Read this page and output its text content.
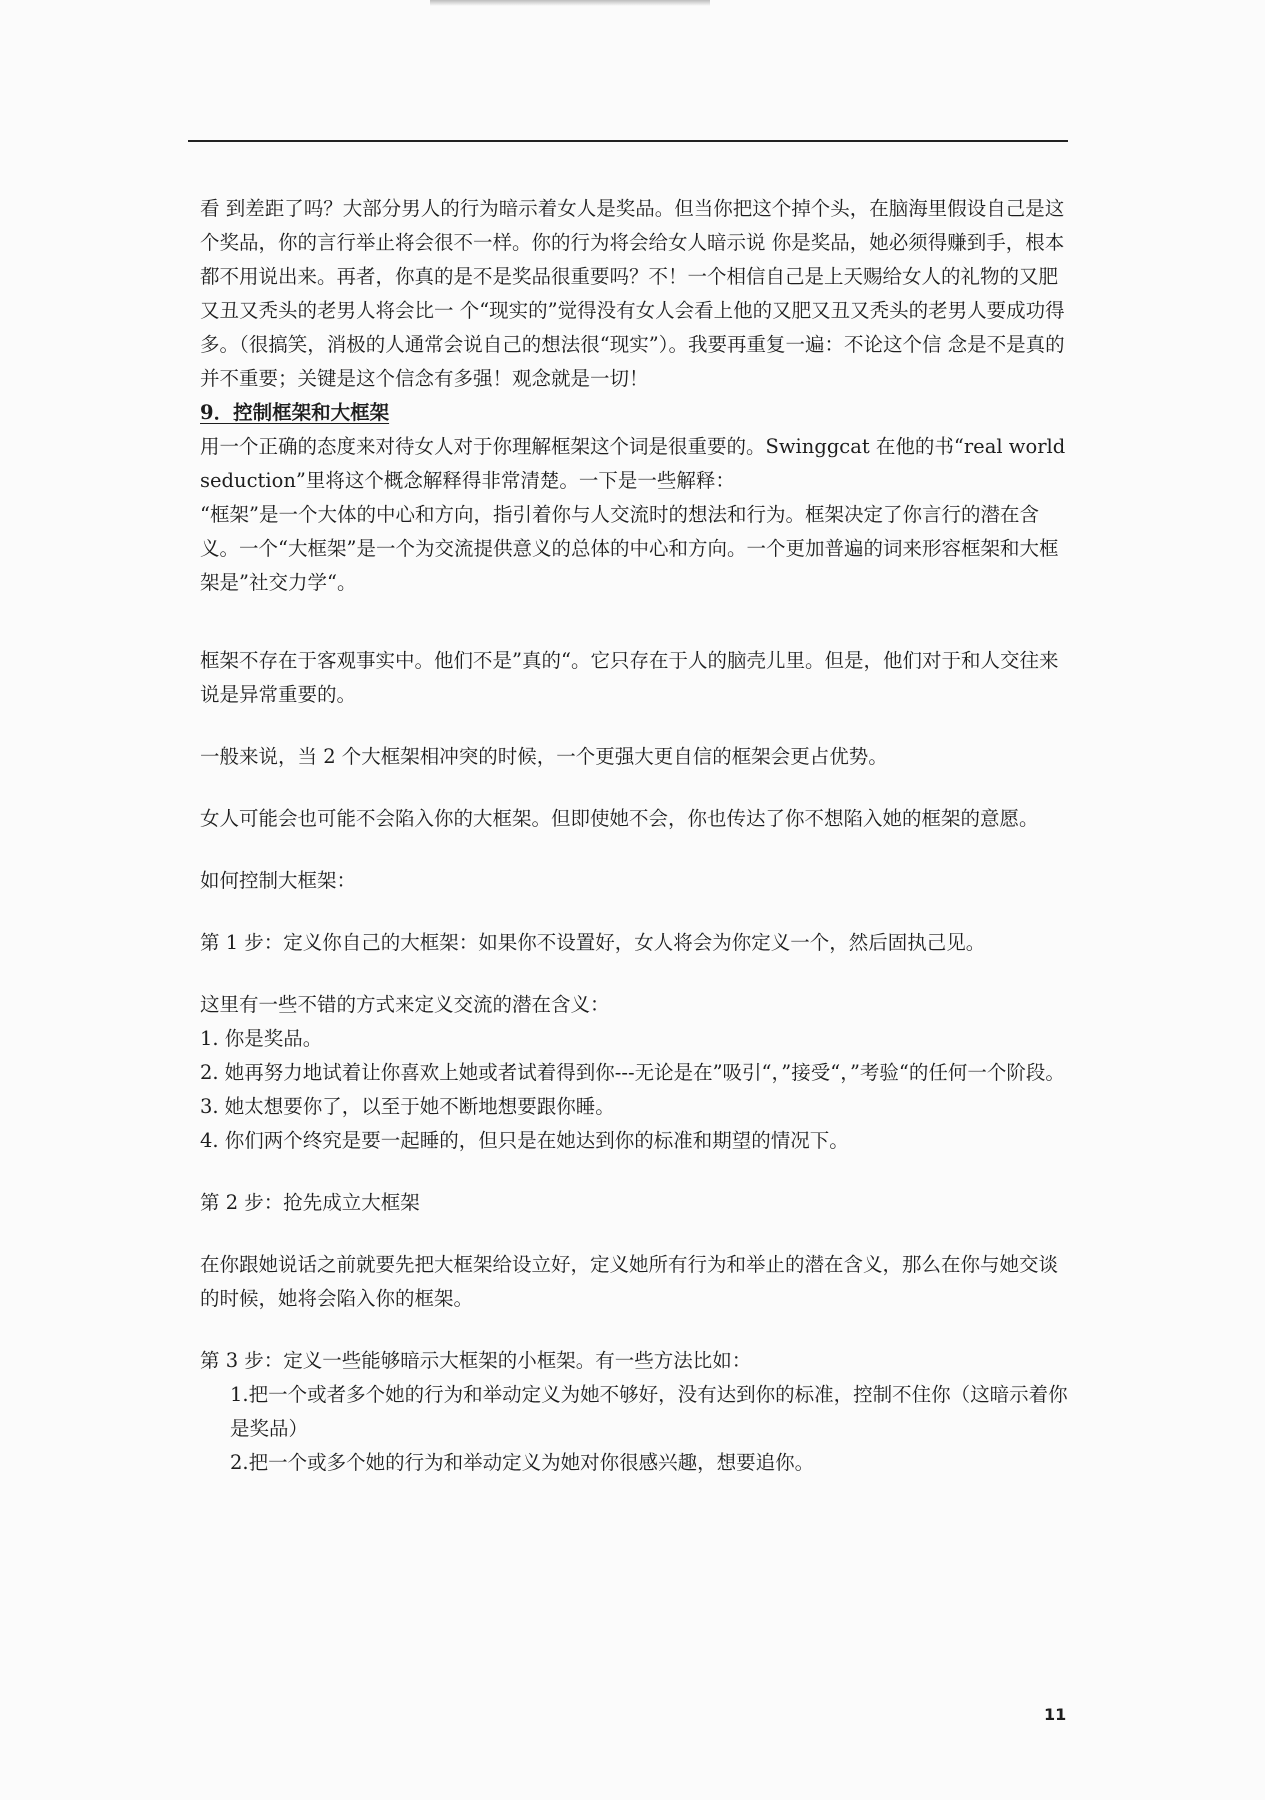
看 到差距了吗？大部分男人的行为暗示着女人是奖品。但当你把这个掉个头，在脑海里假设自己是这个奖品，你的言行举止将会很不一样。你的行为将会给女人暗示说 你是奖品，她必须得赚到手，根本都不用说出来。再者，你真的是不是奖品很重要吗？不！一个相信自己是上天赐给女人的礼物的又肥又丑又秃头的老男人将会比一 个“现实的”觉得没有女人会看上他的又肥又丑又秃头的老男人要成功得多。（很搞笑，消极的人通常会说自己的想法很“现实”）。我要再重复一遍：不论这个信 念是不是真的并不重要；关键是这个信念有多强！观念就是一切！

9．控制框架和大框架

用一个正确的态度来对待女人对于你理解框架这个词是很重要的。Swinggcat 在他的书“real world seduction”里将这个概念解释得非常清楚。一下是一些解释：

“框架”是一个大体的中心和方向，指引着你与人交流时的想法和行为。框架决定了你言行的潜在含义。一个“大框架”是一个为交流提供意义的总体的中心和方向。一个更加普遍的词来形容框架和大框架是”社交力学“。

框架不存在于客观事实中。他们不是”真的“。它只存在于人的脑壳儿里。但是，他们对于和人交往来说是异常重要的。

一般来说，当 2 个大框架相冲突的时候，一个更强大更自信的框架会更占优势。

女人可能会也可能不会陷入你的大框架。但即使她不会，你也传达了你不想陷入她的框架的意愿。

如何控制大框架：

第 1 步：定义你自己的大框架：如果你不设置好，女人将会为你定义一个，然后固执己见。

这里有一些不错的方式来定义交流的潜在含义：

1. 你是奖品。

2. 她再努力地试着让你喜欢上她或者试着得到你---无论是在”吸引“，”接受“，”考验“的任何一个阶段。

3. 她太想要你了，以至于她不断地想要跟你睡。

4. 你们两个终究是要一起睡的，但只是在她达到你的标准和期望的情况下。

第 2 步：抢先成立大框架

在你跟她说话之前就要先把大框架给设立好，定义她所有行为和举止的潜在含义，那么在你与她交谈的时候，她将会陷入你的框架。

第 3 步：定义一些能够暗示大框架的小框架。有一些方法比如：

1.把一个或者多个她的行为和举动定义为她不够好，没有达到你的标准，控制不住你（这暗示着你是奖品）

2.把一个或多个她的行为和举动定义为她对你很感兴趣，想要追你。

11
